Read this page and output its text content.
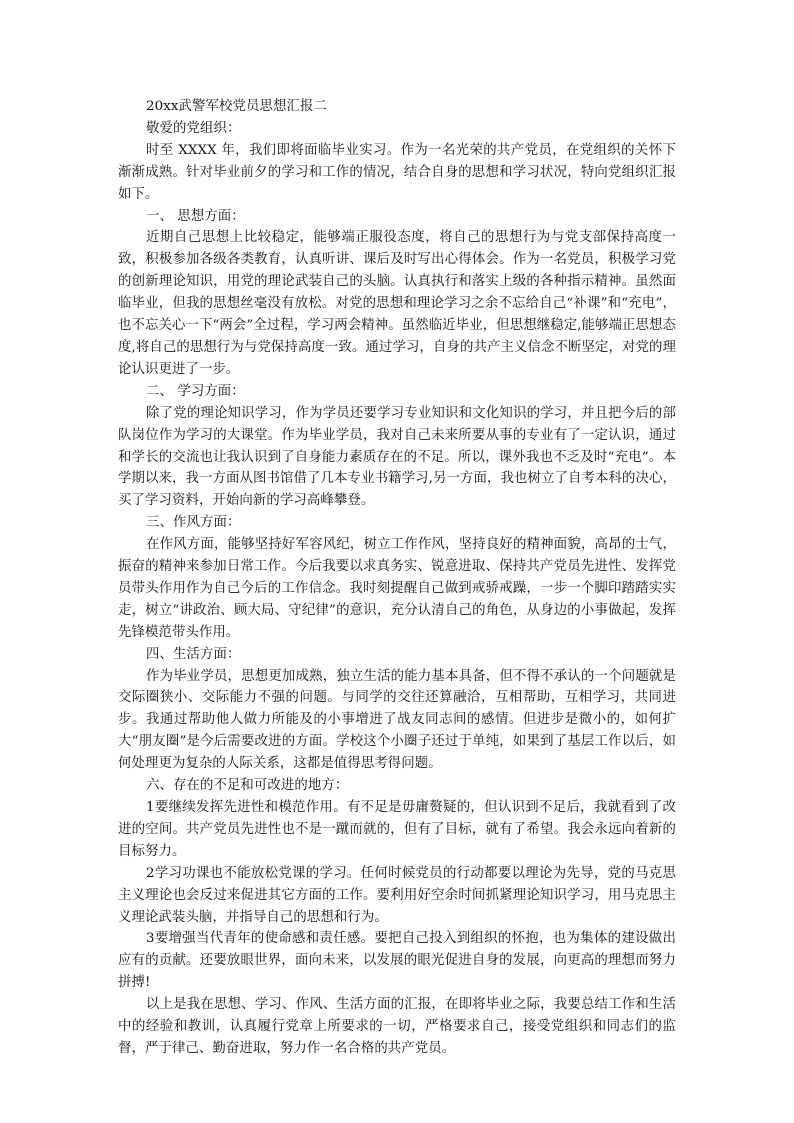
20xx武警军校党员思想汇报二

敬爱的党组织：

时至 XXXX 年，我们即将面临毕业实习。作为一名光荣的共产党员，在党组织的关怀下渐渐成熟。针对毕业前夕的学习和工作的情况，结合自身的思想和学习状况，特向党组织汇报如下。

一、 思想方面：

近期自己思想上比较稳定，能够端正服役态度，将自己的思想行为与党支部保持高度一致，积极参加各级各类教育，认真听讲、课后及时写出心得体会。作为一名党员，积极学习党的创新理论知识，用党的理论武装自己的头脑。认真执行和落实上级的各种指示精神。虽然面临毕业，但我的思想丝毫没有放松。对党的思想和理论学习之余不忘给自己“补课”和“充电”，也不忘关心一下“两会”全过程，学习两会精神。虽然临近毕业，但思想继稳定,能够端正思想态度,将自己的思想行为与党保持高度一致。通过学习，自身的共产主义信念不断坚定，对党的理论认识更进了一步。

二、 学习方面：

除了党的理论知识学习，作为学员还要学习专业知识和文化知识的学习，并且把今后的部队岗位作为学习的大课堂。作为毕业学员，我对自己未来所要从事的专业有了一定认识，通过和学长的交流也让我认识到了自身能力素质存在的不足。所以，课外我也不乏及时“充电”。本学期以来，我一方面从图书馆借了几本专业书籍学习,另一方面，我也树立了自考本科的决心，买了学习资料，开始向新的学习高峰攀登。

三、作风方面：

在作风方面，能够坚持好军容风纪，树立工作作风，坚持良好的精神面貌，高昂的士气，振奋的精神来参加日常工作。今后我要以求真务实、锐意进取、保持共产党员先进性、发挥党员带头作用作为自己今后的工作信念。我时刻提醒自己做到戒骄戒躁，一步一个脚印踏踏实实走，树立“讲政治、顾大局、守纪律”的意识，充分认清自己的角色，从身边的小事做起，发挥先锋模范带头作用。

四、生活方面：

作为毕业学员，思想更加成熟，独立生活的能力基本具备，但不得不承认的一个问题就是交际圈狭小、交际能力不强的问题。与同学的交往还算融洽，互相帮助，互相学习，共同进步。我通过帮助他人做力所能及的小事增进了战友同志间的感情。但进步是微小的，如何扩大“朋友圈”是今后需要改进的方面。学校这个小圈子还过于单纯，如果到了基层工作以后，如何处理更为复杂的人际关系，这都是值得思考得问题。

六、存在的不足和可改进的地方：

1要继续发挥先进性和模范作用。有不足是毋庸赘疑的，但认识到不足后，我就看到了改进的空间。共产党员先进性也不是一蹴而就的，但有了目标，就有了希望。我会永远向着新的目标努力。

2学习功课也不能放松党课的学习。任何时候党员的行动都要以理论为先导，党的马克思主义理论也会反过来促进其它方面的工作。要利用好空余时间抓紧理论知识学习，用马克思主义理论武装头脑，并指导自己的思想和行为。

3要增强当代青年的使命感和责任感。要把自己投入到组织的怀抱，也为集体的建设做出应有的贡献。还要放眼世界，面向未来，以发展的眼光促进自身的发展，向更高的理想而努力拼搏!

以上是我在思想、学习、作风、生活方面的汇报，在即将毕业之际，我要总结工作和生活中的经验和教训，认真履行党章上所要求的一切，严格要求自己，接受党组织和同志们的监督，严于律己、勤奋进取，努力作一名合格的共产党员。
